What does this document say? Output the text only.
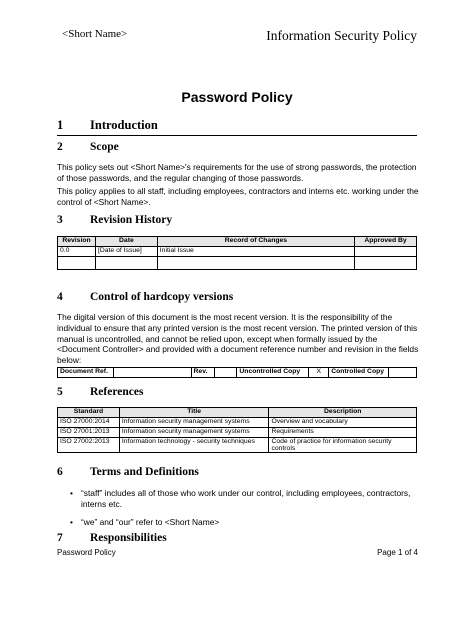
<Short Name>	Information Security Policy
Password Policy
1 Introduction
2 Scope
This policy sets out <Short Name>'s requirements for the use of strong passwords, the protection of those passwords, and the regular changing of those passwords.
This policy applies to all staff, including employees, contractors and interns etc. working under the control of <Short Name>.
3 Revision History
Revision	Date	Record of Changes	Approved By
0.0	[Date of Issue]	Initial Issue	

4 Control of hardcopy versions
The digital version of this document is the most recent version. It is the responsibility of the individual to ensure that any printed version is the most recent version. The printed version of this manual is uncontrolled, and cannot be relied upon, except when formally issued by the <Document Controller> and provided with a document reference number and revision in the fields below:
Document Ref.		Rev.		Uncontrolled Copy	X	Controlled Copy	
5 References
Standard	Title	Description
ISO 27000:2014	Information security management systems	Overview and vocabulary
ISO 27001:2013	Information security management systems	Requirements
ISO 27002:2013	Information technology - security techniques	Code of practice for information security controls
6 Terms and Definitions
• “staff” includes all of those who work under our control, including employees, contractors, interns etc.
• “we” and “our” refer to <Short Name>
7 Responsibilities
Password Policy	Page 1 of 4
